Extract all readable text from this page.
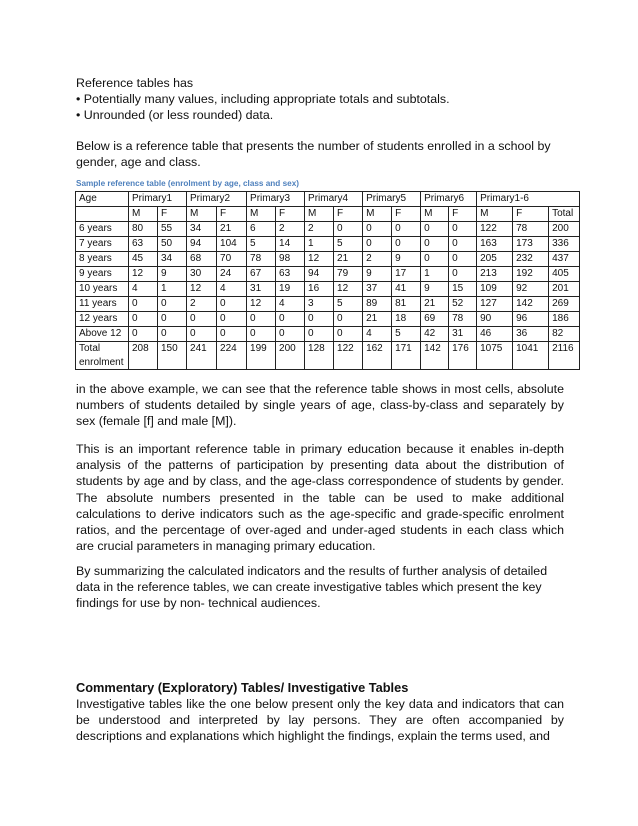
Reference tables has
• Potentially many values, including appropriate totals and subtotals.
• Unrounded (or less rounded) data.
Below is a reference table that presents the number of students enrolled in a school by gender, age and class.
Sample reference table (enrolment by age, class and sex)
Age	Primary1		Primary2		Primary3		Primary4		Primary5		Primary6		Primary1-6		
	M	F	M	F	M	F	M	F	M	F	M	F	M	F	Total
6 years	80	55	34	21	6	2	2	0	0	0	0	0	122	78	200
7 years	63	50	94	104	5	14	1	5	0	0	0	0	163	173	336
8 years	45	34	68	70	78	98	12	21	2	9	0	0	205	232	437
9 years	12	9	30	24	67	63	94	79	9	17	1	0	213	192	405
10 years	4	1	12	4	31	19	16	12	37	41	9	15	109	92	201
11 years	0	0	2	0	12	4	3	5	89	81	21	52	127	142	269
12 years	0	0	0	0	0	0	0	0	21	18	69	78	90	96	186
Above 12	0	0	0	0	0	0	0	0	4	5	42	31	46	36	82
Total enrolment	208	150	241	224	199	200	128	122	162	171	142	176	1075	1041	2116
in the above example, we can see that the reference table shows in most cells, absolute numbers of students detailed by single years of age, class-by-class and separately by sex (female [f] and male [M]).
This is an important reference table in primary education because it enables in-depth analysis of the patterns of participation by presenting data about the distribution of students by age and by class, and the age-class correspondence of students by gender. The absolute numbers presented in the table can be used to make additional calculations to derive indicators such as the age-specific and grade-specific enrolment ratios, and the percentage of over-aged and under-aged students in each class which are crucial parameters in managing primary education.
By summarizing the calculated indicators and the results of further analysis of detailed data in the reference tables, we can create investigative tables which present the key findings for use by non- technical audiences.
Commentary (Exploratory) Tables/ Investigative Tables
Investigative tables like the one below present only the key data and indicators that can be understood and interpreted by lay persons. They are often accompanied by descriptions and explanations which highlight the findings, explain the terms used, and
